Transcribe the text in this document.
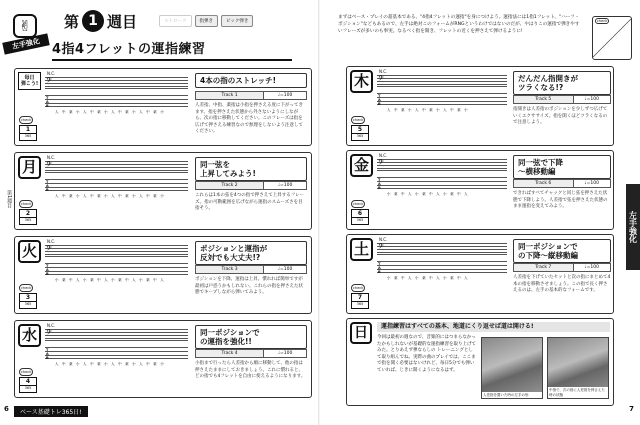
✌
左手強化
第 1 週目	ストローク	指弾き	ピック弾き
4指4フレットの運指練習
第1週目
毎日
弾こう!
check
1
365
N.C.
𝄢
T
A
B
人 中 薬 小 人 中 薬 小 人 中 薬 小 人 中 薬 小
4本の指のストレッチ!
Track 1	♩=100
人差指、中指、薬指は小指を押さえる度に下がってきます。指を押さえた状態から外さないようにしながら、次の指に移動してください。このフレーズは指を広げて押さえる練習なので無理をしないよう注意してください。
月
check
2
365
N.C.
𝄢
T
A
B
人 中 薬 小 人 中 薬 小 人 中 薬 小 人 中 薬 小
同一弦を
上昇してみよう!
Track 2	♩=100
これらは1本の弦を4つの指で押さえて上昇するフレーズ。指の可動範囲を広げながら運指のスムーズさを目指そう。
火
check
3
365
N.C.
𝄢
T
A
B
小 薬 中 人 小 薬 中 人 小 薬 中 人 小 薬 中 人
ポジションと運指が
反対でも大丈夫!?
Track 3	♩=100
ポジションを下降、運指は上昇。慣れれば簡単ですが最初は戸惑うかもしれない。これらの指を押さえた状態でキープしながら弾いてみよう。
水
check
4
365
N.C.
𝄢
T
A
B
人 中 薬 小 人 中 薬 小 人 中 薬 小 人 中 薬 小
同一ポジションで
の運指を強化!!
Track 4	♩=100
小指まで行ったら人差指から順に移動して、他の指は押さえたままにしておきましょう。これに慣れると、どの指でも4フレットを自由に使えるようになります。
ベース基礎トレ365日!
6
まずはベース・プレイの超基本である、"4指4フレットの運指"を身につけよう。運指法には1指1フレット、"ハーフ・ポジション"などもあるので、左手は絶対このフォームがRNGというわけではないのだが、やはりこの運指で弾きやすいフレーズが多いのも事実。なるべく指を開き、フレットの近くを押さえて弾けるように!
check
左手強化
木
check
5
365
N.C.
𝄢
T
A
B
人 中 薬 小 人 中 薬 小 人 中 薬 小
だんだん指開きが
ツラくなる!?
Track 5	♩=100
指開きは人差指のポジションを少しずつ広げていくエクササイズ。指を開くほどツラくなるので注意しよう。
金
check
6
365
N.C.
𝄢
T
A
B
小 薬 中 人 小 薬 中 人 小 薬 中 人
同一弦で下降
〜横移動編
Track 6	♩=100
できればすべてチャックと同じ弦を押さえた状態で下降しよう。人差指で弦を押さえた状態のまま運指を変えてみよう。
土
check
7
365
N.C.
𝄢
T
A
B
小 薬 中 人 小 薬 中 人 小 薬 中 人
同一ポジションで
の下降〜縦移動編
Track 7	♩=100
人差指を下げていたセットと次の指にまとめて4本の指を移動させましょう。この指で長く押さえるのは、左手の基本的なフォームです。
7
日	運指練習はすべての基本、地道にくり返せば道は開ける!
今回は最初の週なので、音楽的にはつまらなかったかもしれないが基礎的な運指練習を取り上げてみた。とりあえず弾ならしの トレーニングとして取り組んでね。実際の曲のプレイでは、ここまで指を開く必要はないけれど、毎日5分でも弾いていれば、じきに開くようになるはず。
人差指を置いた時の左手の形
中指で、次の指に人差指を押さえた時の状態
